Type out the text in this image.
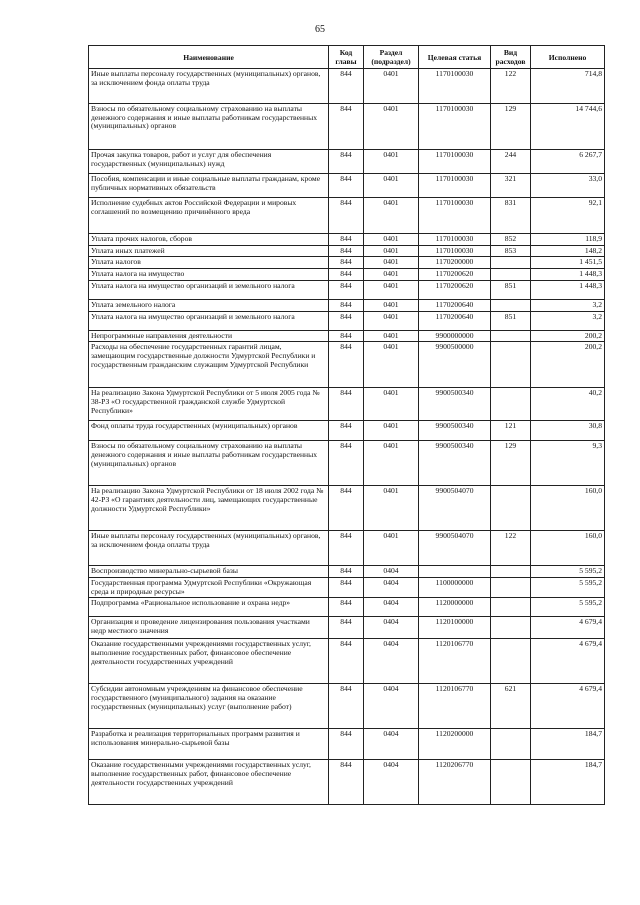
65
Наименование	Код главы	Раздел (подраздел)	Целевая статья	Вид расходов	Исполнено
Иные выплаты персоналу государственных (муниципальных) органов, за исключением фонда оплаты труда	844	0401	1170100030	122	714,8
Взносы по обязательному социальному страхованию на выплаты денежного содержания и иные выплаты работникам государственных (муниципальных) органов	844	0401	1170100030	129	14 744,6
Прочая закупка товаров, работ и услуг для обеспечения государственных (муниципальных) нужд	844	0401	1170100030	244	6 267,7
Пособия, компенсации и иные социальные выплаты гражданам, кроме публичных нормативных обязательств	844	0401	1170100030	321	33,0
Исполнение судебных актов Российской Федерации и мировых соглашений по возмещению причинённого вреда	844	0401	1170100030	831	92,1
Уплата прочих налогов, сборов	844	0401	1170100030	852	118,9
Уплата иных платежей	844	0401	1170100030	853	148,2
Уплата налогов	844	0401	1170200000		1 451,5
Уплата налога на имущество	844	0401	1170200620		1 448,3
Уплата налога на имущество организаций и земельного налога	844	0401	1170200620	851	1 448,3
Уплата земельного налога	844	0401	1170200640		3,2
Уплата налога на имущество организаций и земельного налога	844	0401	1170200640	851	3,2
Непрограммные направления деятельности	844	0401	9900000000		200,2
Расходы на обеспечение государственных гарантий лицам, замещающим государственные должности Удмуртской Республики и государственным гражданским служащим Удмуртской Республики	844	0401	9900500000		200,2
На реализацию Закона Удмуртской Республики от 5 июля 2005 года № 38-РЗ «О государственной гражданской службе Удмуртской Республики»	844	0401	9900500340		40,2
Фонд оплаты труда государственных (муниципальных) органов	844	0401	9900500340	121	30,8
Взносы по обязательному социальному страхованию на выплаты денежного содержания и иные выплаты работникам государственных (муниципальных) органов	844	0401	9900500340	129	9,3
На реализацию Закона Удмуртской Республики от 18 июля 2002 года № 42-РЗ «О гарантиях деятельности лиц, замещающих государственные должности Удмуртской Республики»	844	0401	9900504070		160,0
Иные выплаты персоналу государственных (муниципальных) органов, за исключением фонда оплаты труда	844	0401	9900504070	122	160,0
Воспроизводство минерально-сырьевой базы	844	0404			5 595,2
Государственная программа Удмуртской Республики «Окружающая среда и природные ресурсы»	844	0404	1100000000		5 595,2
Подпрограмма «Рациональное использование и охрана недр»	844	0404	1120000000		5 595,2
Организация и проведение лицензирования пользования участками недр местного значения	844	0404	1120100000		4 679,4
Оказание государственными учреждениями государственных услуг, выполнение государственных работ, финансовое обеспечение деятельности государственных учреждений	844	0404	1120106770		4 679,4
Субсидии автономным учреждениям на финансовое обеспечение государственного (муниципального) задания на оказание государственных (муниципальных) услуг (выполнение работ)	844	0404	1120106770	621	4 679,4
Разработка и реализация территориальных программ развития и использования минерально-сырьевой базы	844	0404	1120200000		184,7
Оказание государственными учреждениями государственных услуг, выполнение государственных работ, финансовое обеспечение деятельности государственных учреждений	844	0404	1120206770		184,7
